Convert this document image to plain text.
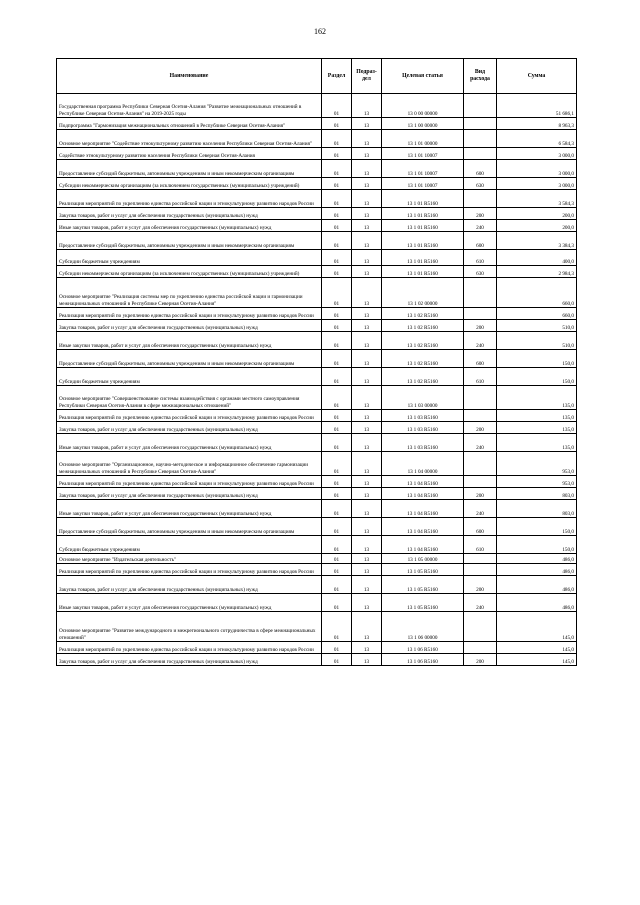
162
Наименование	Раздел	Подраз-дел	Целевая статья	Вид расхода	Сумма
Государственная программа Республики Северная Осетия-Алания "Развитие межнациональных отношений в Республике Северная Осетия-Алания" на 2019-2025 годы	01	13	13 0 00 00000		51 686,1
Подпрограмма "Гармонизация межнациональных отношений в Республике Северная Осетия-Алания"	01	13	13 1 00 00000		8 963,3
Основное мероприятие "Содействие этнокультурному развитию населения Республики Северная Осетия-Алания"	01	13	13 1 01 00000		6 584,3
Содействие этнокультурному развитию населения Республики Северная Осетия-Алания	01	13	13 1 01 10007		3 000,0
Предоставление субсидий бюджетным, автономным учреждениям и иным некоммерческим организациям	01	13	13 1 01 10007	600	3 000,0
Субсидии некоммерческим организациям (за исключением государственных (муниципальных) учреждений)	01	13	13 1 01 10007	630	3 000,0
Реализация мероприятий по укреплению единства российской нации и этнокультурному развитию народов России	01	13	13 1 01 R5160		3 584,3
Закупка товаров, работ и услуг для обеспечения государственных (муниципальных) нужд	01	13	13 1 01 R5160	200	200,0
Иные закупки товаров, работ и услуг для обеспечения государственных (муниципальных) нужд	01	13	13 1 01 R5160	240	200,0
Предоставление субсидий бюджетным, автономным учреждениям и иным некоммерческим организациям	01	13	13 1 01 R5160	600	3 384,3
Субсидии бюджетным учреждениям	01	13	13 1 01 R5160	610	400,0
Субсидии некоммерческим организациям (за исключением государственных (муниципальных) учреждений)	01	13	13 1 01 R5160	630	2 984,3
Основное мероприятие "Реализация системы мер по укреплению единства российской нации и гармонизации межнациональных отношений в Республике Северная Осетия-Алания"	01	13	13 1 02 00000		660,0
Реализация мероприятий по укреплению единства российской нации и этнокультурному развитию народов России	01	13	13 1 02 R5160		660,0
Закупка товаров, работ и услуг для обеспечения государственных (муниципальных) нужд	01	13	13 1 02 R5160	200	510,0
Иные закупки товаров, работ и услуг для обеспечения государственных (муниципальных) нужд	01	13	13 1 02 R5160	240	510,0
Предоставление субсидий бюджетным, автономным учреждениям и иным некоммерческим организациям	01	13	13 1 02 R5160	600	150,0
Субсидии бюджетным учреждениям	01	13	13 1 02 R5160	610	150,0
Основное мероприятие "Совершенствование системы взаимодействия с органами местного самоуправления Республики Северная Осетия-Алания в сфере межнациональных отношений"	01	13	13 1 03 00000		135,0
Реализация мероприятий по укреплению единства российской нации и этнокультурному развитию народов России	01	13	13 1 03 R5160		135,0
Закупка товаров, работ и услуг для обеспечения государственных (муниципальных) нужд	01	13	13 1 03 R5160	200	135,0
Иные закупки товаров, работ и услуг для обеспечения государственных (муниципальных) нужд	01	13	13 1 03 R5160	240	135,0
Основное мероприятие "Организационное, научно-методическое и информационное обеспечение гармонизации межнациональных отношений в Республике Северная Осетия-Алания"	01	13	13 1 04 00000		953,0
Реализация мероприятий по укреплению единства российской нации и этнокультурному развитию народов России	01	13	13 1 04 R5160		953,0
Закупка товаров, работ и услуг для обеспечения государственных (муниципальных) нужд	01	13	13 1 04 R5160	200	803,0
Иные закупки товаров, работ и услуг для обеспечения государственных (муниципальных) нужд	01	13	13 1 04 R5160	240	803,0
Предоставление субсидий бюджетным, автономным учреждениям и иным некоммерческим организациям	01	13	13 1 04 R5160	600	150,0
Субсидии бюджетным учреждениям	01	13	13 1 04 R5160	610	150,0
Основное мероприятие "Издательская деятельность"	01	13	13 1 05 00000		486,0
Реализация мероприятий по укреплению единства российской нации и этнокультурному развитию народов России	01	13	13 1 05 R5160		486,0
Закупка товаров, работ и услуг для обеспечения государственных (муниципальных) нужд	01	13	13 1 05 R5160	200	486,0
Иные закупки товаров, работ и услуг для обеспечения государственных (муниципальных) нужд	01	13	13 1 05 R5160	240	486,0
Основное мероприятие "Развитие международного и межрегионального сотрудничества в сфере межнациональных отношений"	01	13	13 1 06 00000		145,0
Реализация мероприятий по укреплению единства российской нации и этнокультурному развитию народов России	01	13	13 1 06 R5160		145,0
Закупка товаров, работ и услуг для обеспечения государственных (муниципальных) нужд	01	13	13 1 06 R5160	200	145,0
